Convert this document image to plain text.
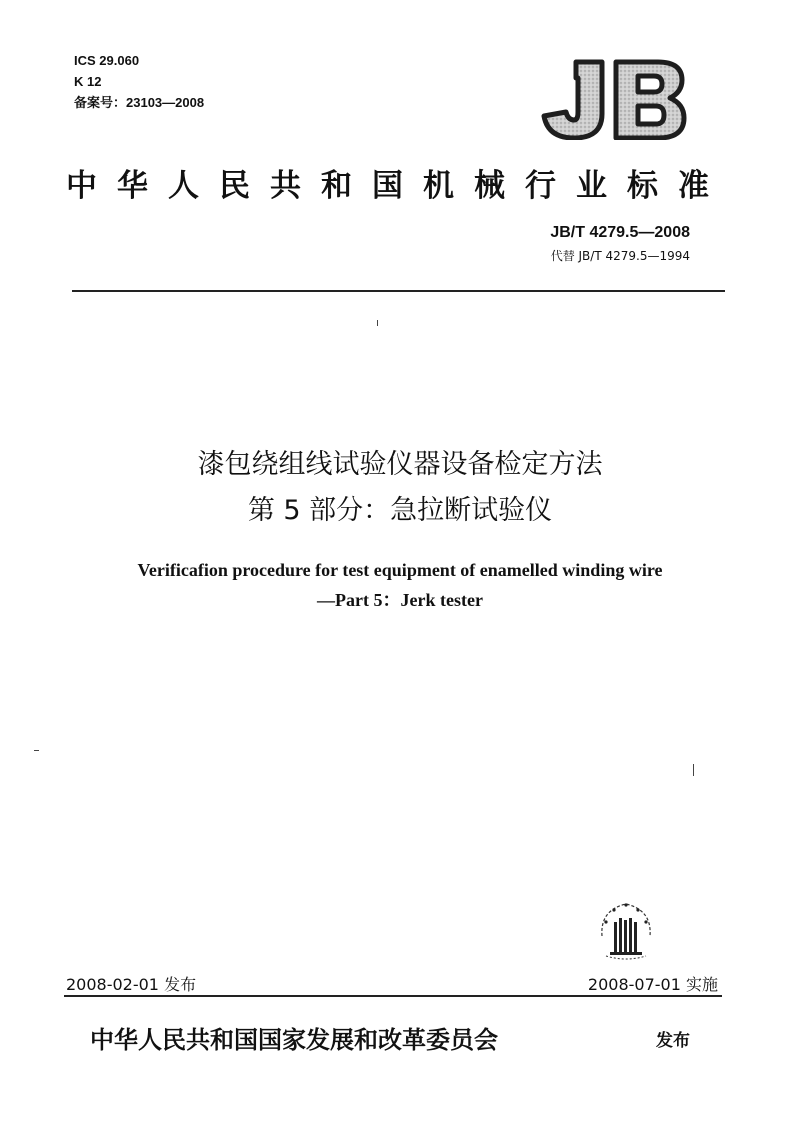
ICS 29.060
K 12
备案号：23103—2008
中华人民共和国机械行业标准
JB/T 4279.5—2008
代替 JB/T 4279.5—1994
漆包绕组线试验仪器设备检定方法
第 5 部分：急拉断试验仪
Verificafion procedure for test equipment of enamelled winding wire
—Part 5：Jerk tester
2008-02-01 发布	2008-07-01 实施
中华人民共和国国家发展和改革委员会	发布
